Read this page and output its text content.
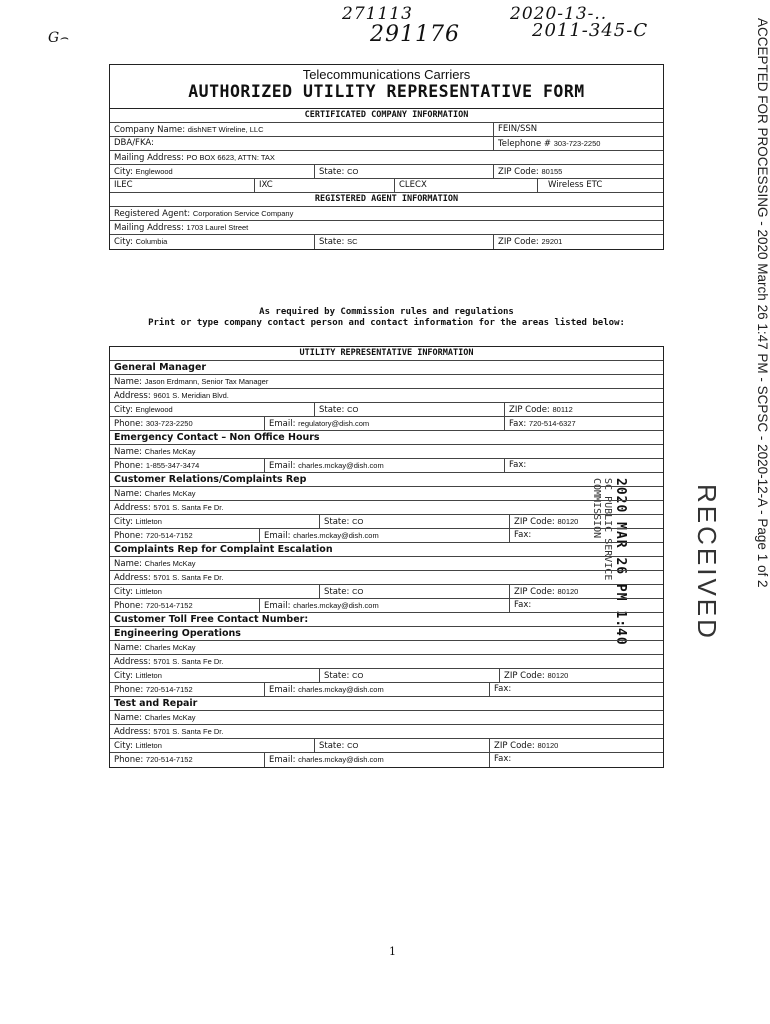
271113
291176
2020-13-..
2011-345-C
G⌢	ACCEPTED FOR PROCESSING - 2020 March 26 1:47 PM - SCPSC - 2020-12-A - Page 1 of 2
RECEIVED
2020 MAR 26 PM 1:40
SC PUBLIC SERVICE
COMMISSION
Telecommunications Carriers
AUTHORIZED UTILITY REPRESENTATIVE FORM
CERTIFICATED COMPANY INFORMATION
Company Name: dishNET Wireline, LLC	FEIN/SSN
DBA/FKA:	Telephone # 303-723-2250
Mailing Address: PO BOX 6623, ATTN: TAX
City: Englewood	State: CO	ZIP Code: 80155
ILEC	IXC	CLECX	Wireless ETC
REGISTERED AGENT INFORMATION
Registered Agent: Corporation Service Company
Mailing Address: 1703 Laurel Street
City: Columbia	State: SC	ZIP Code: 29201
As required by Commission rules and regulations
Print or type company contact person and contact information for the areas listed below:
UTILITY REPRESENTATIVE INFORMATION
General Manager
Name: Jason Erdmann, Senior Tax Manager
Address: 9601 S. Meridian Blvd.
City: Englewood	State: CO	ZIP Code: 80112
Phone: 303-723-2250	Email: regulatory@dish.com	Fax: 720-514-6327
Emergency Contact – Non Office Hours
Name: Charles McKay
Phone: 1-855-347-3474	Email: charles.mckay@dish.com	Fax:
Customer Relations/Complaints Rep
Name: Charles McKay
Address: 5701 S. Santa Fe Dr.
City: Littleton	State: CO	ZIP Code: 80120
Phone: 720-514-7152	Email: charles.mckay@dish.com	Fax:
Complaints Rep for Complaint Escalation
Name: Charles McKay
Address: 5701 S. Santa Fe Dr.
City: Littleton	State: CO	ZIP Code: 80120
Phone: 720-514-7152	Email: charles.mckay@dish.com	Fax:
Customer Toll Free Contact Number:
Engineering Operations
Name: Charles McKay
Address: 5701 S. Santa Fe Dr.
City: Littleton	State: CO	ZIP Code: 80120
Phone: 720-514-7152	Email: charles.mckay@dish.com	Fax:
Test and Repair
Name: Charles McKay
Address: 5701 S. Santa Fe Dr.
City: Littleton	State: CO	ZIP Code: 80120
Phone: 720-514-7152	Email: charles.mckay@dish.com	Fax:
1
